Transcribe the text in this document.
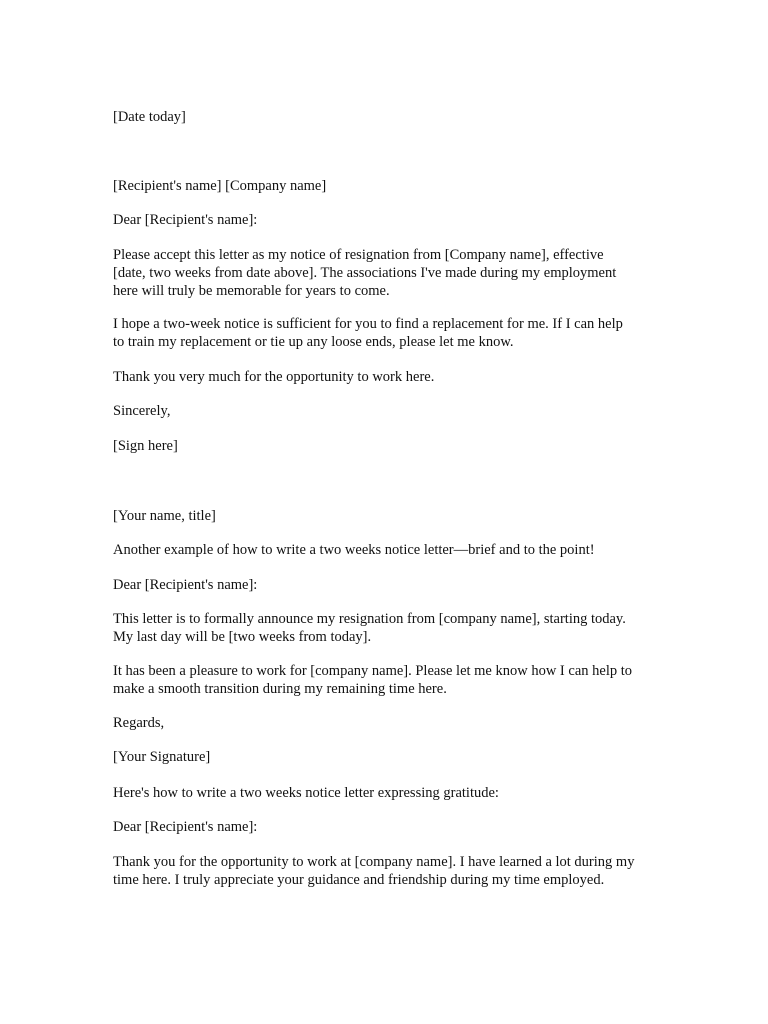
[Date today]

[Recipient's name] [Company name]

Dear [Recipient's name]:

Please accept this letter as my notice of resignation from [Company name], effective
[date, two weeks from date above]. The associations I've made during my employment
here will truly be memorable for years to come.

I hope a two-week notice is sufficient for you to find a replacement for me. If I can help
to train my replacement or tie up any loose ends, please let me know.

Thank you very much for the opportunity to work here.

Sincerely,

[Sign here]

[Your name, title]

Another example of how to write a two weeks notice letter—brief and to the point!

Dear [Recipient's name]:

This letter is to formally announce my resignation from [company name], starting today.
My last day will be [two weeks from today].

It has been a pleasure to work for [company name]. Please let me know how I can help to
make a smooth transition during my remaining time here.

Regards,

[Your Signature]

Here's how to write a two weeks notice letter expressing gratitude:

Dear [Recipient's name]:

Thank you for the opportunity to work at [company name]. I have learned a lot during my
time here. I truly appreciate your guidance and friendship during my time employed.
